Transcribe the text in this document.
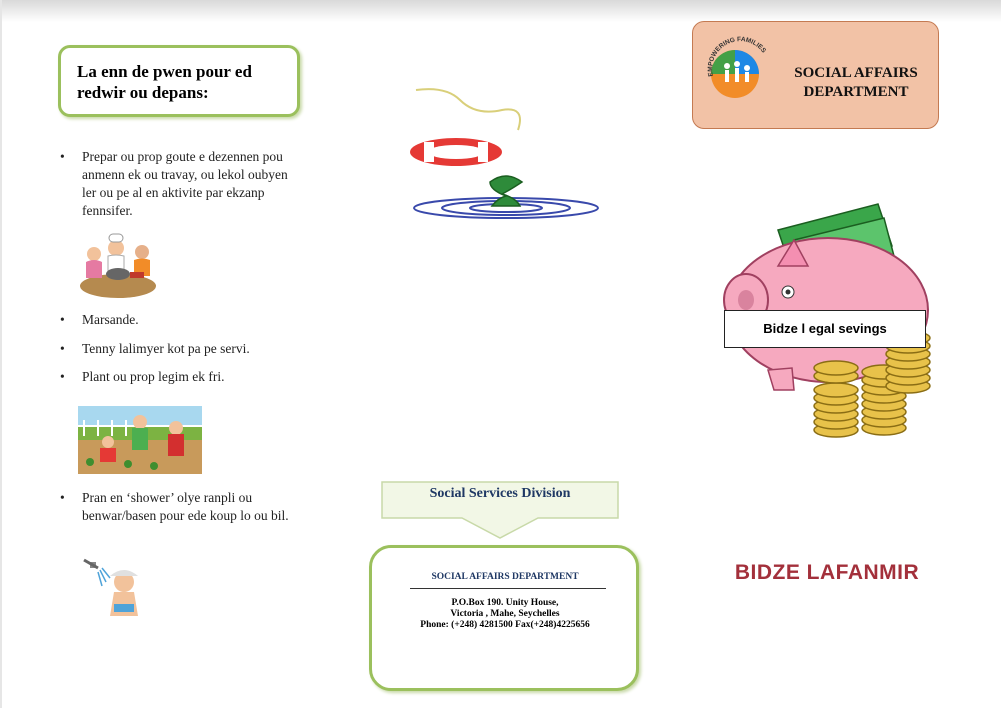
La enn de pwen pour ed redwir ou depans:
• Prepar ou prop goute e dezennen pou anmenn ek ou travay, ou lekol oubyen ler ou pe al en aktivite par ekzanp fennsifer.
• Marsande.
• Tenny lalimyer kot pa pe servi.
• Plant ou prop legim ek fri.
• Pran en ‘shower’ olye ranpli ou benwar/basen pour ede koup lo ou bil.
Social Services Division
SOCIAL AFFAIRS DEPARTMENT
P.O.Box 190. Unity House,
Victoria , Mahe, Seychelles
Phone: (+248) 4281500 Fax(+248)4225656
EMPOWERING FAMILIES
SOCIAL AFFAIRS DEPARTMENT
Bidze l egal sevings
BIDZE LAFANMIR
